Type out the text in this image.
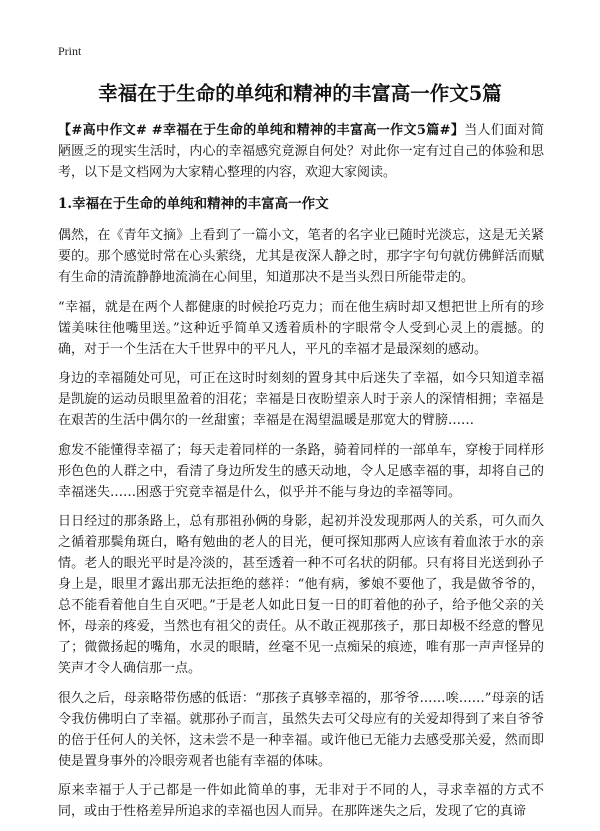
Print
幸福在于生命的单纯和精神的丰富高一作文5篇

【#高中作文# #幸福在于生命的单纯和精神的丰富高一作文5篇#】当人们面对简陋匮乏的现实生活时，内心的幸福感究竟源自何处？对此你一定有过自己的体验和思考，以下是文档网为大家精心整理的内容，欢迎大家阅读。

1.幸福在于生命的单纯和精神的丰富高一作文

偶然，在《青年文摘》上看到了一篇小文，笔者的名字业已随时光淡忘，这是无关紧要的。那个感觉时常在心头萦绕，尤其是夜深人静之时，那字字句句就仿佛鲜活而赋有生命的清流静静地流淌在心间里，知道那决不是当头烈日所能带走的。

“幸福，就是在两个人都健康的时候抢巧克力；而在他生病时却又想把世上所有的珍馐美味往他嘴里送。”这种近乎简单又透着质朴的字眼常令人受到心灵上的震撼。的确，对于一个生活在大千世界中的平凡人，平凡的幸福才是最深刻的感动。

身边的幸福随处可见，可正在这时时刻刻的置身其中后迷失了幸福，如今只知道幸福是凯旋的运动员眼里盈着的泪花；幸福是日夜盼望亲人时于亲人的深情相拥；幸福是在艰苦的生活中偶尔的一丝甜蜜；幸福是在渴望温暖是那宽大的臂膀……

愈发不能懂得幸福了；每天走着同样的一条路，骑着同样的一部单车，穿梭于同样形形色色的人群之中，看清了身边所发生的感天动地，令人足感幸福的事，却将自己的幸福迷失……困惑于究竟幸福是什么，似乎并不能与身边的幸福等同。

日日经过的那条路上，总有那祖孙俩的身影，起初并没发现那两人的关系，可久而久之循着那鬓角斑白，略有勉曲的老人的目光，便可探知那两人应该有着血浓于水的亲情。老人的眼光平时是冷淡的，甚至透着一种不可名状的阴郁。只有将目光送到孙子身上是，眼里才露出那无法拒绝的慈祥：“他有病，爹娘不要他了，我是做爷爷的，总不能看着他自生自灭吧。”于是老人如此日复一日的盯着他的孙子，给予他父亲的关怀，母亲的疼爱，当然也有祖父的责任。从不敢正视那孩子，那日却极不经意的瞥见了；微微扬起的嘴角，水灵的眼睛，丝毫不见一点痴呆的痕迹，唯有那一声声怪异的笑声才令人确信那一点。

很久之后，母亲略带伤感的低语：“那孩子真够幸福的，那爷爷……唉……”母亲的话令我仿佛明白了幸福。就那孙子而言，虽然失去可父母应有的关爱却得到了来自爷爷的倍于任何人的关怀，这未尝不是一种幸福。或许他已无能力去感受那关爱，然而即使是置身事外的冷眼旁观者也能有幸福的体味。

原来幸福于人于己都是一件如此简单的事，无非对于不同的人，寻求幸福的方式不同，或由于性格差异所追求的幸福也因人而异。在那阵迷失之后，发现了它的真谛
